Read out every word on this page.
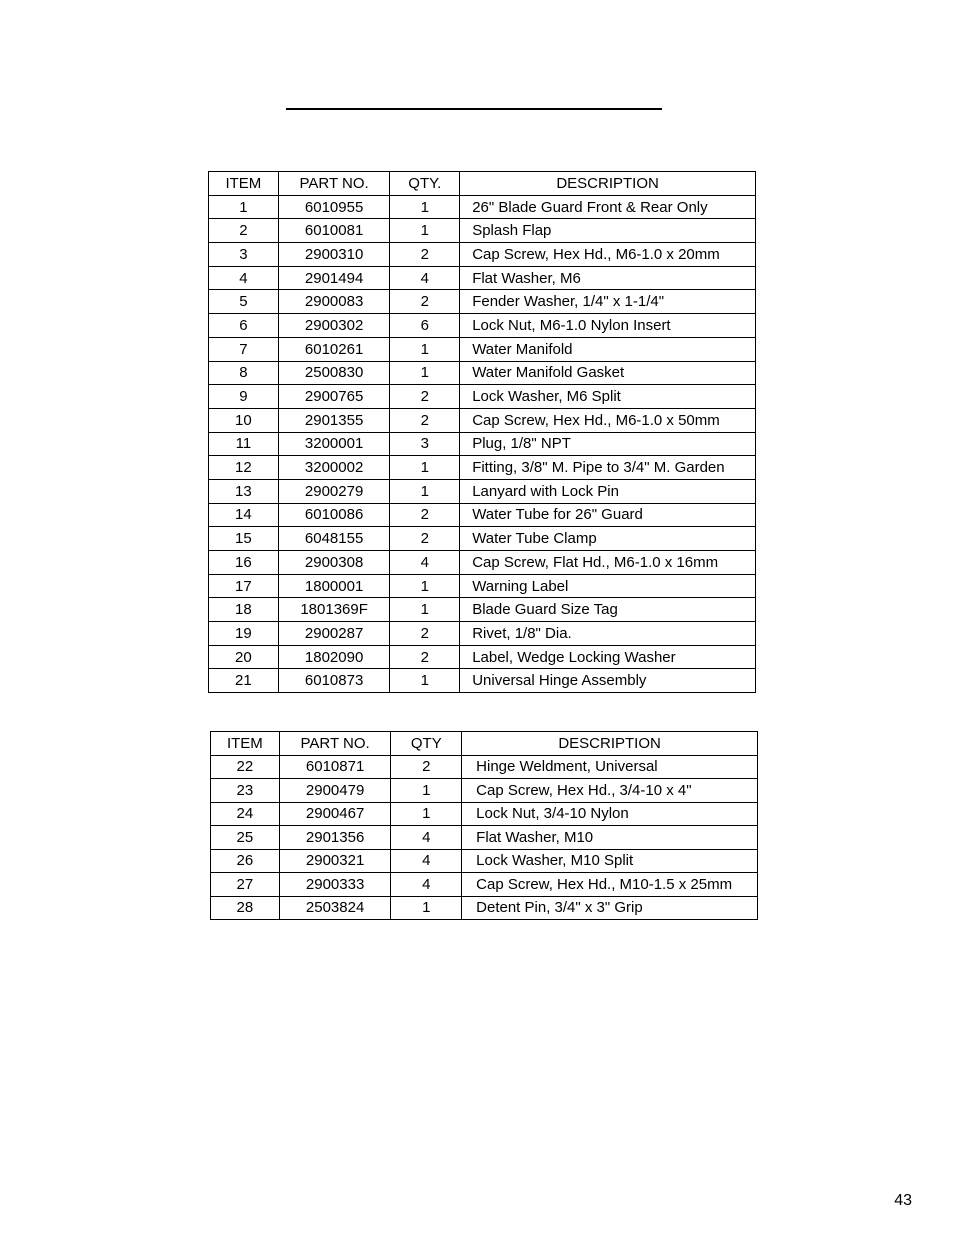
ITEM	PART NO.	QTY.	DESCRIPTION
1	6010955	1	26" Blade Guard Front & Rear Only
2	6010081	1	Splash Flap
3	2900310	2	Cap Screw, Hex Hd., M6-1.0 x 20mm
4	2901494	4	Flat Washer, M6
5	2900083	2	Fender Washer, 1/4" x 1-1/4"
6	2900302	6	Lock Nut, M6-1.0 Nylon Insert
7	6010261	1	Water Manifold
8	2500830	1	Water Manifold Gasket
9	2900765	2	Lock Washer, M6 Split
10	2901355	2	Cap Screw, Hex Hd., M6-1.0 x 50mm
11	3200001	3	Plug, 1/8" NPT
12	3200002	1	Fitting, 3/8" M. Pipe to 3/4" M. Garden
13	2900279	1	Lanyard with Lock Pin
14	6010086	2	Water Tube for 26" Guard
15	6048155	2	Water Tube Clamp
16	2900308	4	Cap Screw, Flat Hd., M6-1.0 x 16mm
17	1800001	1	Warning Label
18	1801369F	1	Blade Guard Size Tag
19	2900287	2	Rivet, 1/8" Dia.
20	1802090	2	Label, Wedge Locking Washer
21	6010873	1	Universal Hinge Assembly
ITEM	PART NO.	QTY	DESCRIPTION
22	6010871	2	Hinge Weldment, Universal
23	2900479	1	Cap Screw, Hex Hd., 3/4-10 x 4"
24	2900467	1	Lock Nut, 3/4-10 Nylon
25	2901356	4	Flat Washer, M10
26	2900321	4	Lock Washer, M10 Split
27	2900333	4	Cap Screw, Hex Hd., M10-1.5 x 25mm
28	2503824	1	Detent Pin, 3/4" x 3" Grip
43
